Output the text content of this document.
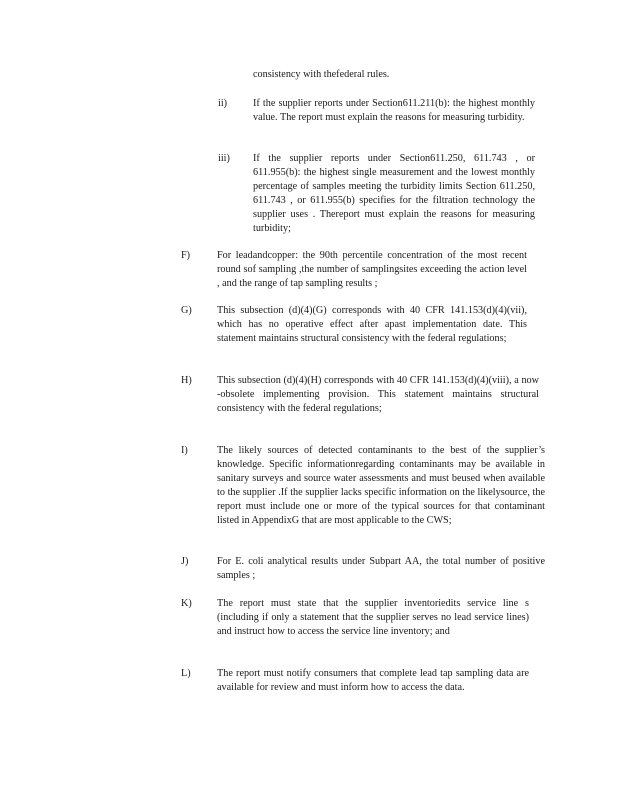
consistency with thefederal rules.
ii)	If the supplier reports under Section611.211(b): the highest monthly value. The report must explain the reasons for measuring turbidity.
iii) If the supplier reports under Section611.250, 611.743 , or 611.955(b): the highest single measurement and the lowest monthly percentage of samples meeting the turbidity limits Section 611.250, 611.743 , or 611.955(b) specifies for the filtration technology the supplier uses . Thereport must explain the reasons for measuring turbidity;
F)	For leadandcopper: the 90th percentile concentration of the most recent round sof sampling ,the number of samplingsites exceeding the action level , and the range of tap sampling results ;
G) This subsection (d)(4)(G) corresponds with 40 CFR 141.153(d)(4)(vii), which has no operative effect after apast implementation date. This statement maintains structural consistency with the federal regulations;
H) This subsection (d)(4)(H) corresponds with 40 CFR 141.153(d)(4)(viii), a now -obsolete implementing provision. This statement maintains structural consistency with the federal regulations;
I)	The likely sources of detected contaminants to the best of the supplier’s knowledge. Specific informationregarding contaminants may be available in sanitary surveys and source water assessments and must beused when available to the supplier .If the supplier lacks specific information on the likelysource, the report must include one or more of the typical sources for that contaminant listed in AppendixG that are most applicable to the CWS;
J)	For E. coli analytical results under Subpart AA, the total number of positive samples ;
K) The report must state that the supplier inventoriedits service line s (including if only a statement that the supplier serves no lead service lines) and instruct how to access the service line inventory; and
L)	The report must notify consumers that complete lead tap sampling data are available for review and must inform how to access the data.
